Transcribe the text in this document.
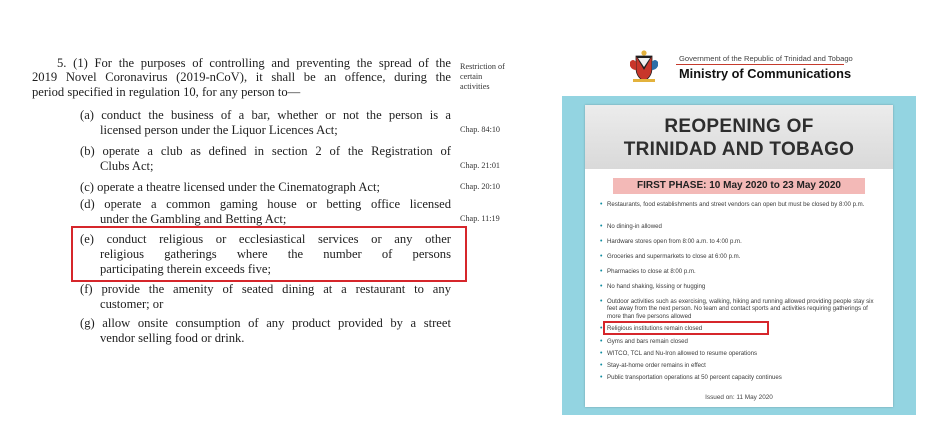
5. (1) For the purposes of controlling and preventing the spread of the
2019 Novel Coronavirus (2019-nCoV), it shall be an offence, during the
period specified in regulation 10, for any person to—
(a) conduct the business of a bar, whether or not the person is a
licensed person under the Liquor Licences Act;
(b) operate a club as defined in section 2 of the Registration of
Clubs Act;
(c) operate a theatre licensed under the Cinematograph Act;
(d) operate a common gaming house or betting office licensed
under the Gambling and Betting Act;
(e) conduct religious or ecclesiastical services or any other
religious gatherings where the number of persons
participating therein exceeds five;
(f) provide the amenity of seated dining at a restaurant to any
customer; or
(g) allow onsite consumption of any product provided by a street
vendor selling food or drink.
Restriction of
certain
activities
Chap. 84:10
Chap. 21:01
Chap. 20:10
Chap. 11:19
Government of the Republic of Trinidad and Tobago
Ministry of Communications
REOPENING OF
TRINIDAD AND TOBAGO
FIRST PHASE: 10 May 2020 to 23 May 2020
• Restaurants, food establishments and street vendors can open but must be closed by 8:00 p.m.
• No dining-in allowed
• Hardware stores open from 8:00 a.m. to 4:00 p.m.
• Groceries and supermarkets to close at 6:00 p.m.
• Pharmacies to close at 8:00 p.m.
• No hand shaking, kissing or hugging
• Outdoor activities such as exercising, walking, hiking and running allowed providing people stay six feet away from the next person. No team and contact sports and activities requiring gatherings of more than five persons allowed
• Religious institutions remain closed
• Gyms and bars remain closed
• WITCO, TCL and Nu-Iron allowed to resume operations
Issued on: 11 May 2020
• Stay-at-home order remains in effect
• Public transportation operations at 50 percent capacity continues
